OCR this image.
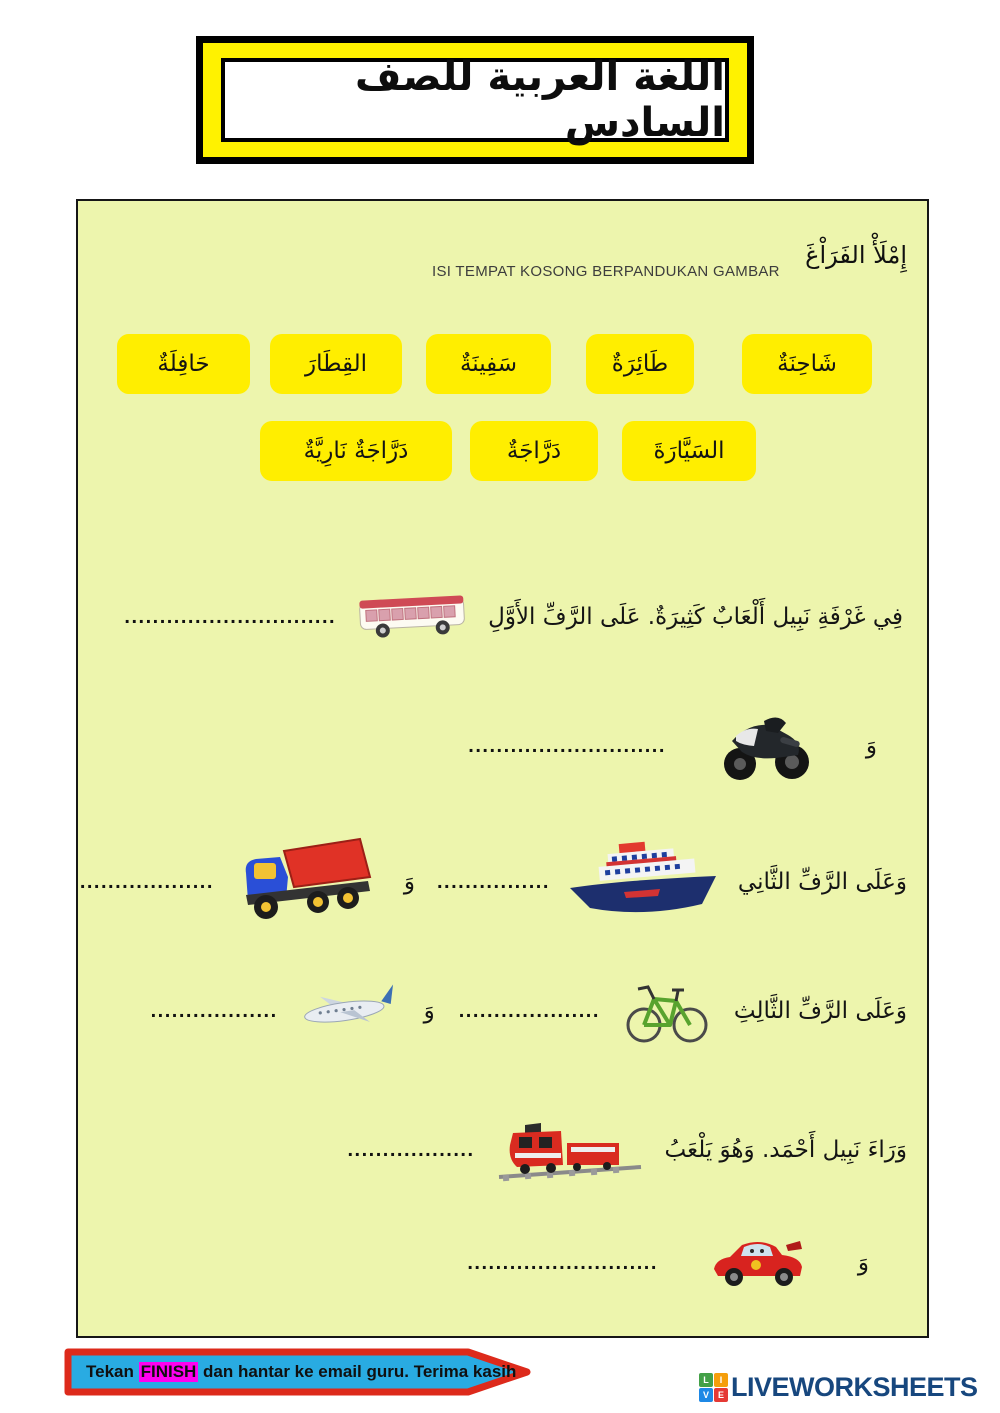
اللغة العربية للصف السادس
ISI TEMPAT KOSONG BERPANDUKAN GAMBAR
إِمْلَأْ الفَرَاْغَ
حَافِلَةٌ	القِطَارَ	سَفِينَةٌ	طَائِرَةٌ	شَاحِنَةٌ
دَرَّاجَةٌ نَارِيَّةٌ	دَرَّاجَةٌ	السَيَّارَةَ
فِي غَرْفَةِ نَبِيل أَلْعَابٌ كَثِيرَةٌ. عَلَى الرَّفِّ الأَوَّلِ
..............................
وَ
............................
وَعَلَى الرَّفِّ الثَّانِي
................
وَ
...................
وَعَلَى الرَّفِّ الثَّالِثِ
....................
وَ
..................
وَرَاءَ نَبِيل أَحْمَد. وَهُوَ يَلْعَبُ
..................
وَ
...........................
Tekan FINISH dan hantar ke email guru. Terima kasih	L	I
V E LIVEWORKSHEETS
